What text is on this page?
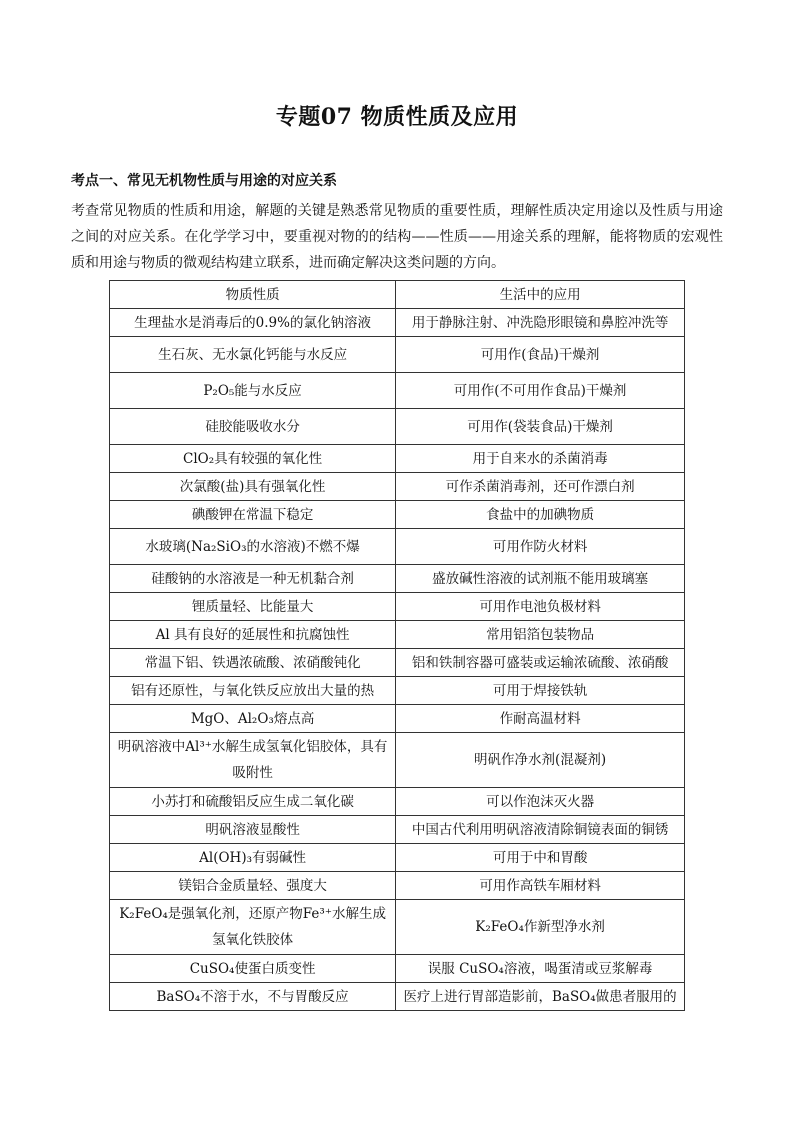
专题07 物质性质及应用
考点一、常见无机物性质与用途的对应关系
考查常见物质的性质和用途，解题的关键是熟悉常见物质的重要性质，理解性质决定用途以及性质与用途之间的对应关系。在化学学习中，要重视对物的的结构——性质——用途关系的理解，能将物质的宏观性质和用途与物质的微观结构建立联系，进而确定解决这类问题的方向。
物质性质	生活中的应用
生理盐水是消毒后的0.9%的氯化钠溶液	用于静脉注射、冲洗隐形眼镜和鼻腔冲洗等
生石灰、无水氯化钙能与水反应	可用作(食品)干燥剂
P₂O₅能与水反应	可用作(不可用作食品)干燥剂
硅胶能吸收水分	可用作(袋装食品)干燥剂
ClO₂具有较强的氧化性	用于自来水的杀菌消毒
次氯酸(盐)具有强氧化性	可作杀菌消毒剂，还可作漂白剂
碘酸钾在常温下稳定	食盐中的加碘物质
水玻璃(Na₂SiO₃的水溶液)不燃不爆	可用作防火材料
硅酸钠的水溶液是一种无机黏合剂	盛放碱性溶液的试剂瓶不能用玻璃塞
锂质量轻、比能量大	可用作电池负极材料
Al 具有良好的延展性和抗腐蚀性	常用铝箔包装物品
常温下铝、铁遇浓硫酸、浓硝酸钝化	铝和铁制容器可盛装或运输浓硫酸、浓硝酸
铝有还原性，与氧化铁反应放出大量的热	可用于焊接铁轨
MgO、Al₂O₃熔点高	作耐高温材料
明矾溶液中Al³⁺水解生成氢氧化铝胶体，具有吸附性	明矾作净水剂(混凝剂)
小苏打和硫酸铝反应生成二氧化碳	可以作泡沫灭火器
明矾溶液显酸性	中国古代利用明矾溶液清除铜镜表面的铜锈
Al(OH)₃有弱碱性	可用于中和胃酸
镁铝合金质量轻、强度大	可用作高铁车厢材料
K₂FeO₄是强氧化剂，还原产物Fe³⁺水解生成氢氧化铁胶体	K₂FeO₄作新型净水剂
CuSO₄使蛋白质变性	误服 CuSO₄溶液，喝蛋清或豆浆解毒
BaSO₄不溶于水，不与胃酸反应	医疗上进行胃部造影前，BaSO₄做患者服用的
